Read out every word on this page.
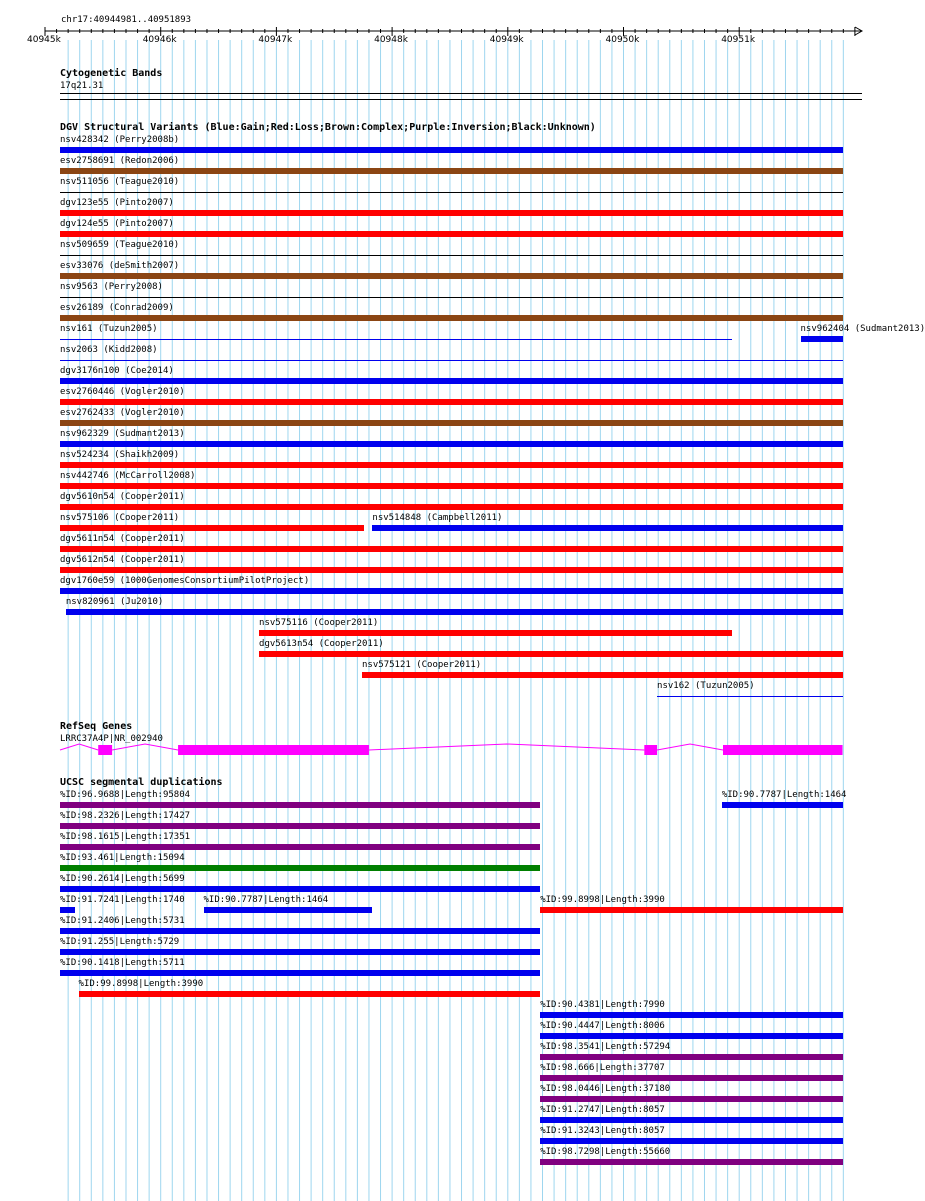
chr17:40944981..40951893
40945k	40946k	40947k	40948k	40949k	40950k	40951k
Cytogenetic Bands
17q21.31
DGV Structural Variants (Blue:Gain;Red:Loss;Brown:Complex;Purple:Inversion;Black:Unknown)
nsv428342 (Perry2008b)
esv2758691 (Redon2006)
nsv511056 (Teague2010)
dgv123e55 (Pinto2007)
dgv124e55 (Pinto2007)
nsv509659 (Teague2010)
esv33076 (deSmith2007)
nsv9563 (Perry2008)
esv26189 (Conrad2009)
nsv161 (Tuzun2005)	nsv962404 (Sudmant2013)
nsv2063 (Kidd2008)
dgv3176n100 (Coe2014)
esv2760446 (Vogler2010)
esv2762433 (Vogler2010)
nsv962329 (Sudmant2013)
nsv524234 (Shaikh2009)
nsv442746 (McCarroll2008)
dgv5610n54 (Cooper2011)
nsv575106 (Cooper2011)	nsv514848 (Campbell2011)
dgv5611n54 (Cooper2011)
dgv5612n54 (Cooper2011)
dgv1760e59 (1000GenomesConsortiumPilotProject)
nsv820961 (Ju2010)
nsv575116 (Cooper2011)
dgv5613n54 (Cooper2011)
nsv575121 (Cooper2011)
nsv162 (Tuzun2005)
RefSeq Genes
LRRC37A4P|NR_002940
UCSC segmental duplications
%ID:96.9688|Length:95804	%ID:90.7787|Length:1464
%ID:98.2326|Length:17427
%ID:98.1615|Length:17351
%ID:93.461|Length:15094
%ID:90.2614|Length:5699
%ID:91.7241|Length:1740 %ID:90.7787|Length:1464	%ID:99.8998|Length:3990
%ID:91.2406|Length:5731
%ID:91.255|Length:5729
%ID:90.1418|Length:5711
%ID:99.8998|Length:3990
%ID:90.4381|Length:7990
%ID:90.4447|Length:8006
%ID:98.3541|Length:57294
%ID:98.666|Length:37707
%ID:98.0446|Length:37180
%ID:91.2747|Length:8057
%ID:91.3243|Length:8057
%ID:98.7298|Length:55660
